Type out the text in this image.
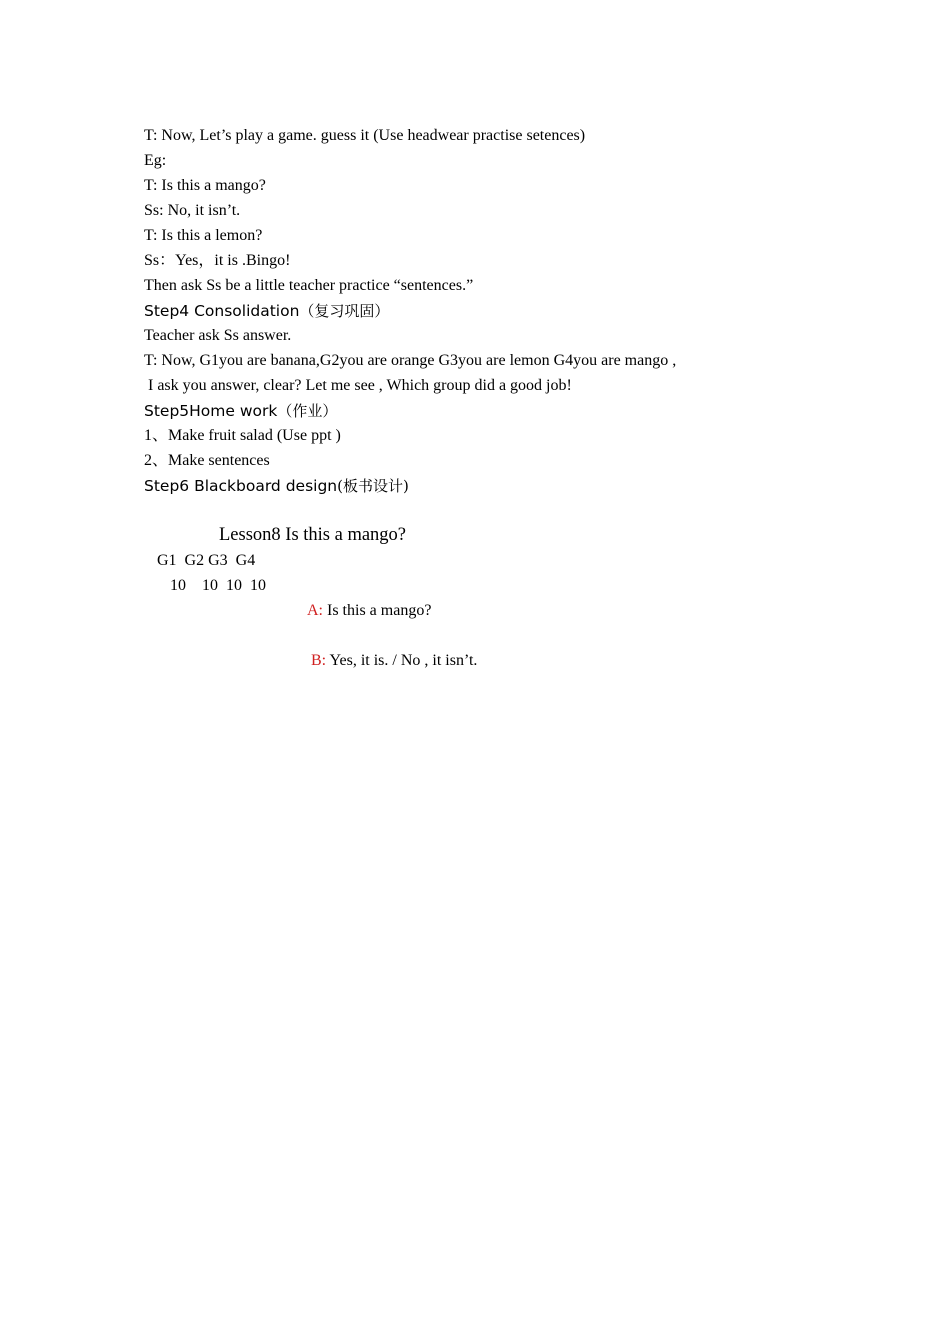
T: Now, Let’s play a game. guess it (Use headwear practise setences)
Eg:
T: Is this a mango?
Ss: No, it isn’t.
T: Is this a lemon?
Ss：Yes，it is .Bingo!
Then ask Ss be a little teacher practice “sentences.”
Step4 Consolidation（复习巩固）
Teacher ask Ss answer.
T: Now, G1you are banana,G2you are orange G3you are lemon G4you are mango ,
I ask you answer, clear? Let me see , Which group did a good job!
Step5Home work（作业）
1、Make fruit salad (Use ppt )
2、Make sentences
Step6 Blackboard design(板书设计)
Lesson8 Is this a mango?
G1  G2 G3  G4
10    10  10  10
A: Is this a mango?
B: Yes, it is. / No , it isn’t.
